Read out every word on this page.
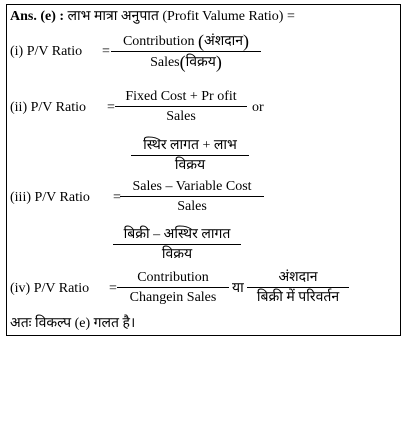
Ans. (e) : लाभ मात्रा अनुपात (Profit Valume Ratio) =
(i) P/V Ratio =
Contribution (अंशदान)
Sales(विक्रय)
(ii) P/V Ratio =
Fixed Cost + Pr ofit
Sales
or
स्थिर लागत + लाभ
विक्रय
(iii) P/V Ratio =
Sales – Variable Cost
Sales
बिक्री – अस्थिर लागत
विक्रय
(iv) P/V Ratio =
Contribution
Changein Sales
या
अंशदान
बिक्री में परिवर्तन
अतः विकल्प (e) गलत है।
